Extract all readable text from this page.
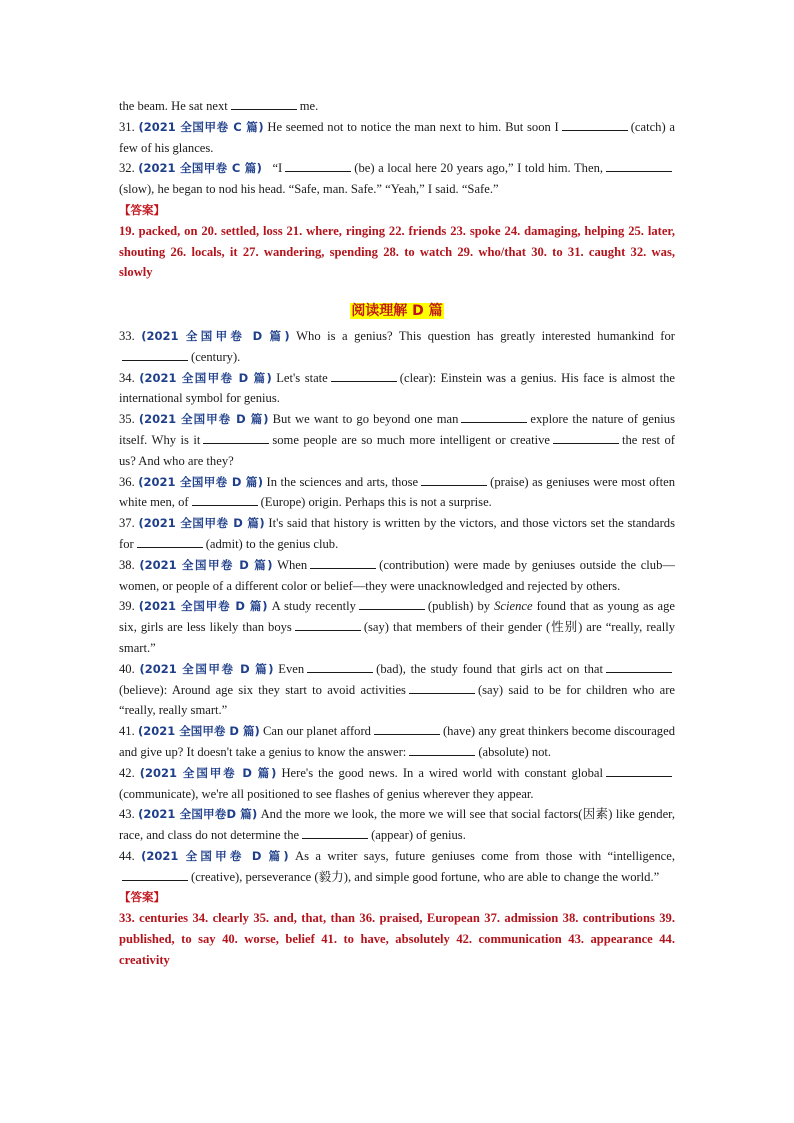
the beam. He sat next	me.

31. (2021 全国甲卷 C 篇) He seemed not to notice the man next to him. But soon I	(catch) a few of his glances.

32. (2021 全国甲卷 C 篇) “I	(be) a local here 20 years ago,” I told him. Then,(slow), he began to nod his head. “Safe, man. Safe.” “Yeah,” I said. “Safe.”

【答案】

19. packed, on 20. settled, loss 21. where, ringing 22. friends 23. spoke 24. damaging, helping 25. later, shouting 26. locals, it 27. wandering, spending 28. to watch 29. who/that 30. to 31. caught 32. was, slowly

阅读理解 D 篇

33. (2021 全国甲卷 D 篇) Who is a genius? This question has greatly interested humankind for(century).

34. (2021 全国甲卷 D 篇) Let's state	(clear): Einstein was a genius. His face is almost the international symbol for genius.

35. (2021 全国甲卷 D 篇) But we want to go beyond one man	explore the nature of genius itself. Why is it	some people are so much more intelligent or creative	the rest of us? And who are they?

36. (2021 全国甲卷 D 篇) In the sciences and arts, those	(praise) as geniuses were most often white men, of	(Europe) origin. Perhaps this is not a surprise.

37. (2021 全国甲卷 D 篇) It's said that history is written by the victors, and those victors set the standards for	(admit) to the genius club.

38. (2021 全国甲卷 D 篇) When	(contribution) were made by geniuses outside the club—women, or people of a different color or belief—they were unacknowledged and rejected by others.

39. (2021 全国甲卷 D 篇) A study recently	(publish) by Science found that as young as age six, girls are less likely than boys	(say) that members of their gender (性别) are “really, really smart.”

40. (2021 全国甲卷 D 篇) Even	(bad), the study found that girls act on that(believe): Around age six they start to avoid activities	(say) said to be for children who are “really, really smart.”

41. (2021 全国甲卷 D 篇) Can our planet afford	(have) any great thinkers become discouraged and give up? It doesn't take a genius to know the answer:	(absolute) not.

42. (2021 全国甲卷 D 篇) Here's the good news. In a wired world with constant global(communicate), we're all positioned to see flashes of genius wherever they appear.

43. (2021 全国甲卷D 篇) And the more we look, the more we will see that social factors(因素) like gender, race, and class do not determine the	(appear) of genius.

44. (2021 全国甲卷 D 篇) As a writer says, future geniuses come from those with “intelligence,(creative), perseverance (毅力), and simple good fortune, who are able to change the world.”

【答案】

33. centuries 34. clearly 35. and, that, than 36. praised, European 37. admission 38. contributions 39. published, to say 40. worse, belief 41. to have, absolutely 42. communication 43. appearance 44. creativity
